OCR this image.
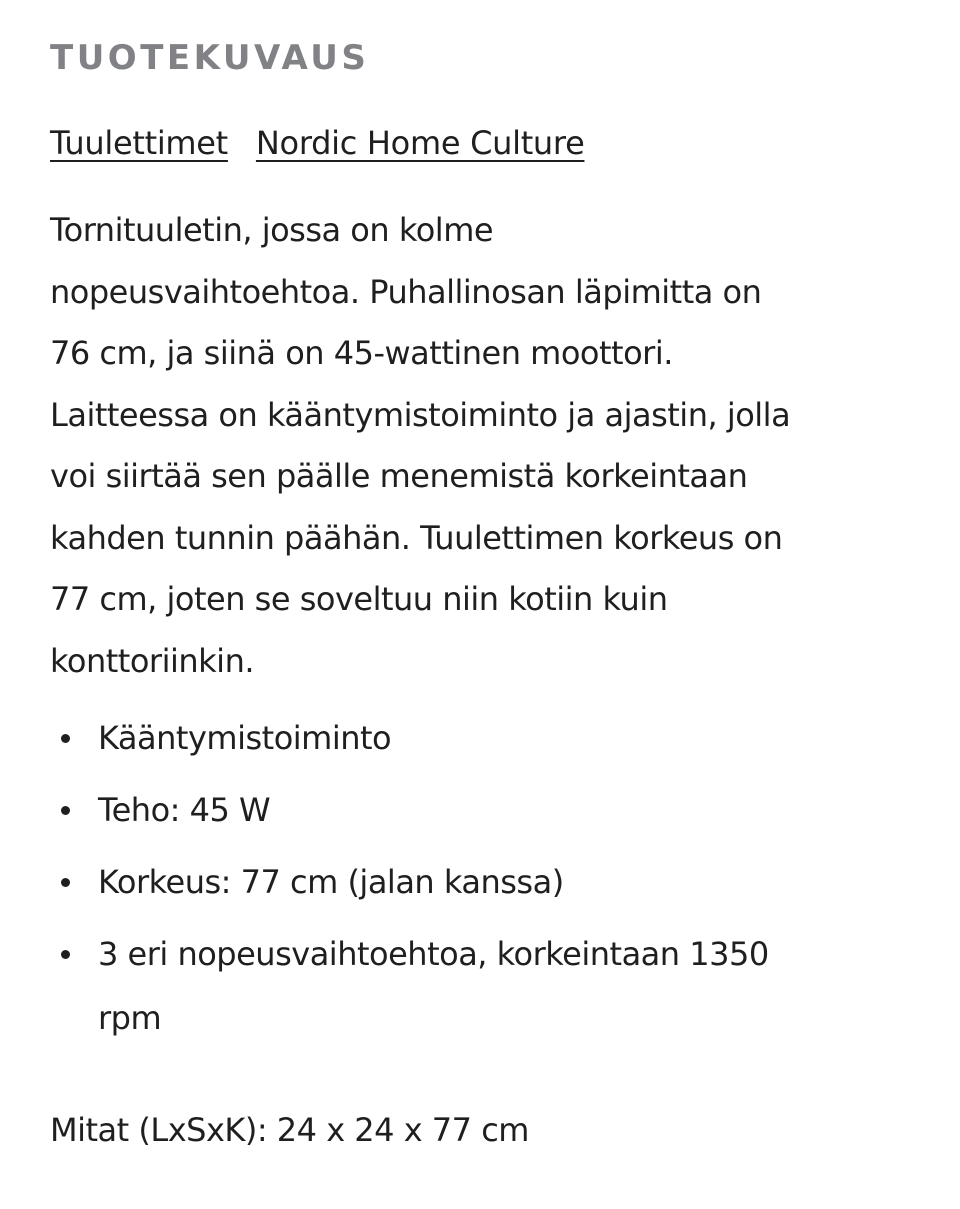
TUOTEKUVAUS
Tuulettimet Nordic Home Culture

Tornituuletin, jossa on kolme
nopeusvaihtoehtoa. Puhallinosan läpimitta on
76 cm, ja siinä on 45-wattinen moottori.
Laitteessa on kääntymistoiminto ja ajastin, jolla
voi siirtää sen päälle menemistä korkeintaan
kahden tunnin päähän. Tuulettimen korkeus on
77 cm, joten se soveltuu niin kotiin kuin
konttoriinkin.

Kääntymistoiminto
Teho: 45 W
Korkeus: 77 cm (jalan kanssa)
3 eri nopeusvaihtoehtoa, korkeintaan 1350
rpm

Mitat (LxSxK): 24 x 24 x 77 cm
